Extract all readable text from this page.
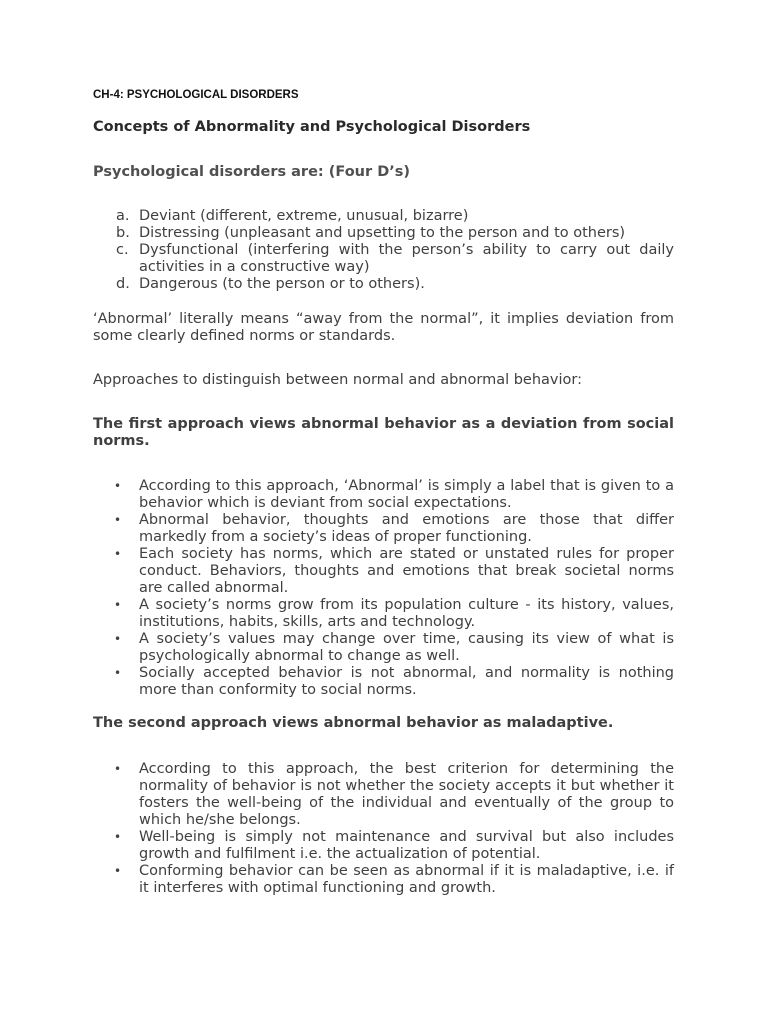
CH-4: PSYCHOLOGICAL DISORDERS
Concepts of Abnormality and Psychological Disorders
Psychological disorders are: (Four D’s)
a. Deviant (different, extreme, unusual, bizarre)
b. Distressing (unpleasant and upsetting to the person and to others)
c. Dysfunctional (interfering with the person’s ability to carry out daily activities in a constructive way)
d. Dangerous (to the person or to others).

‘Abnormal’ literally means “away from the normal”, it implies deviation from some clearly defined norms or standards.

Approaches to distinguish between normal and abnormal behavior:

The first approach views abnormal behavior as a deviation from social norms.

• According to this approach, ‘Abnormal’ is simply a label that is given to a behavior which is deviant from social expectations.
• Abnormal behavior, thoughts and emotions are those that differ markedly from a society’s ideas of proper functioning.
• Each society has norms, which are stated or unstated rules for proper conduct. Behaviors, thoughts and emotions that break societal norms are called abnormal.
• A society’s norms grow from its population culture - its history, values, institutions, habits, skills, arts and technology.
• A society’s values may change over time, causing its view of what is psychologically abnormal to change as well.
• Socially accepted behavior is not abnormal, and normality is nothing more than conformity to social norms.

The second approach views abnormal behavior as maladaptive.

• According to this approach, the best criterion for determining the normality of behavior is not whether the society accepts it but whether it fosters the well-being of the individual and eventually of the group to which he/she belongs.
• Well-being is simply not maintenance and survival but also includes growth and fulfilment i.e. the actualization of potential.
• Conforming behavior can be seen as abnormal if it is maladaptive, i.e. if it interferes with optimal functioning and growth.
